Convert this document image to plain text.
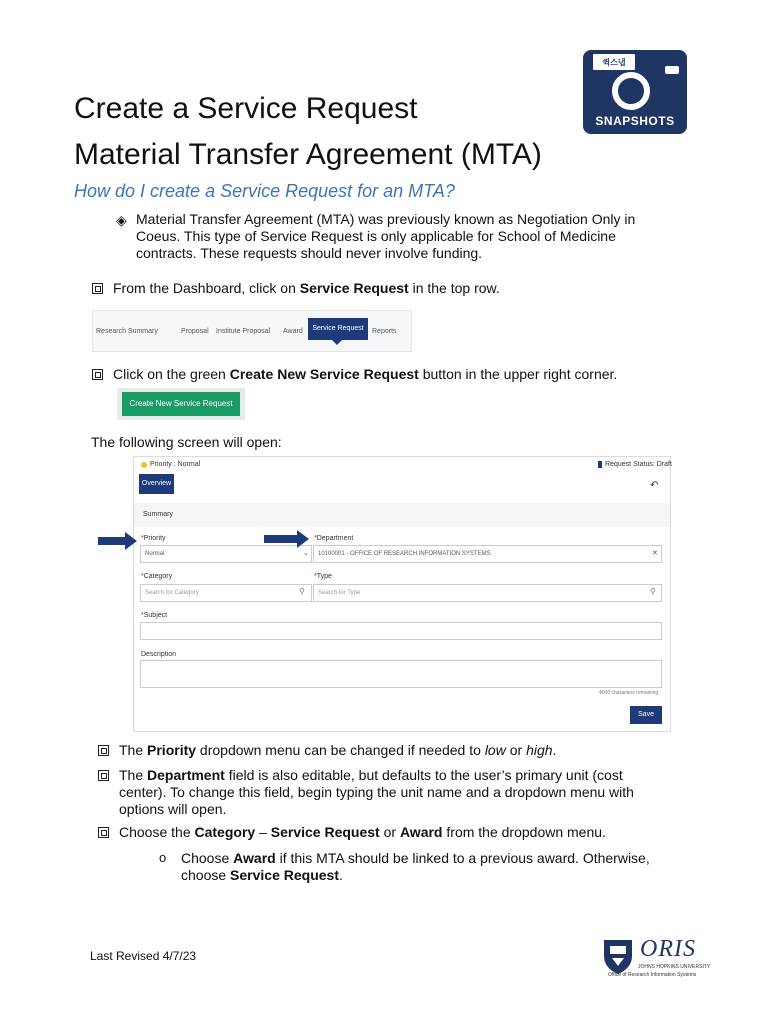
퀵스냅
SNAPSHOTS
Create a Service Request
Material Transfer Agreement (MTA)
How do I create a Service Request for an MTA?
◈ Material Transfer Agreement (MTA) was previously known as Negotiation Only in Coeus. This type of Service Request is only applicable for School of Medicine contracts. These requests should never involve funding.
From the Dashboard, click on Service Request in the top row.
Research Summary	Proposal Institute Proposal Award	Service Request	Reports
Click on the green Create New Service Request button in the upper right corner.
Create New Service Request
The following screen will open:
Priority : Normal	Request Status: Draft
Overview	↶
Summary
*Priority
Normal	⌄
*Department
10100001 - OFFICE OF RESEARCH INFORMATION SYSTEMS	✕
*Category
Search for Category	⚲
*Type
Search for Type	⚲
*Subject
Description
4000 characters remaining
Save
The Priority dropdown menu can be changed if needed to low or high.
The Department field is also editable, but defaults to the user’s primary unit (cost center). To change this field, begin typing the unit name and a dropdown menu with options will open.
Choose the Category – Service Request or Award from the dropdown menu.
o Choose Award if this MTA should be linked to a previous award. Otherwise, choose Service Request.
Last Revised 4/7/23	ORIS
JOHNS HOPKINS UNIVERSITY
Office of Research Information Systems
